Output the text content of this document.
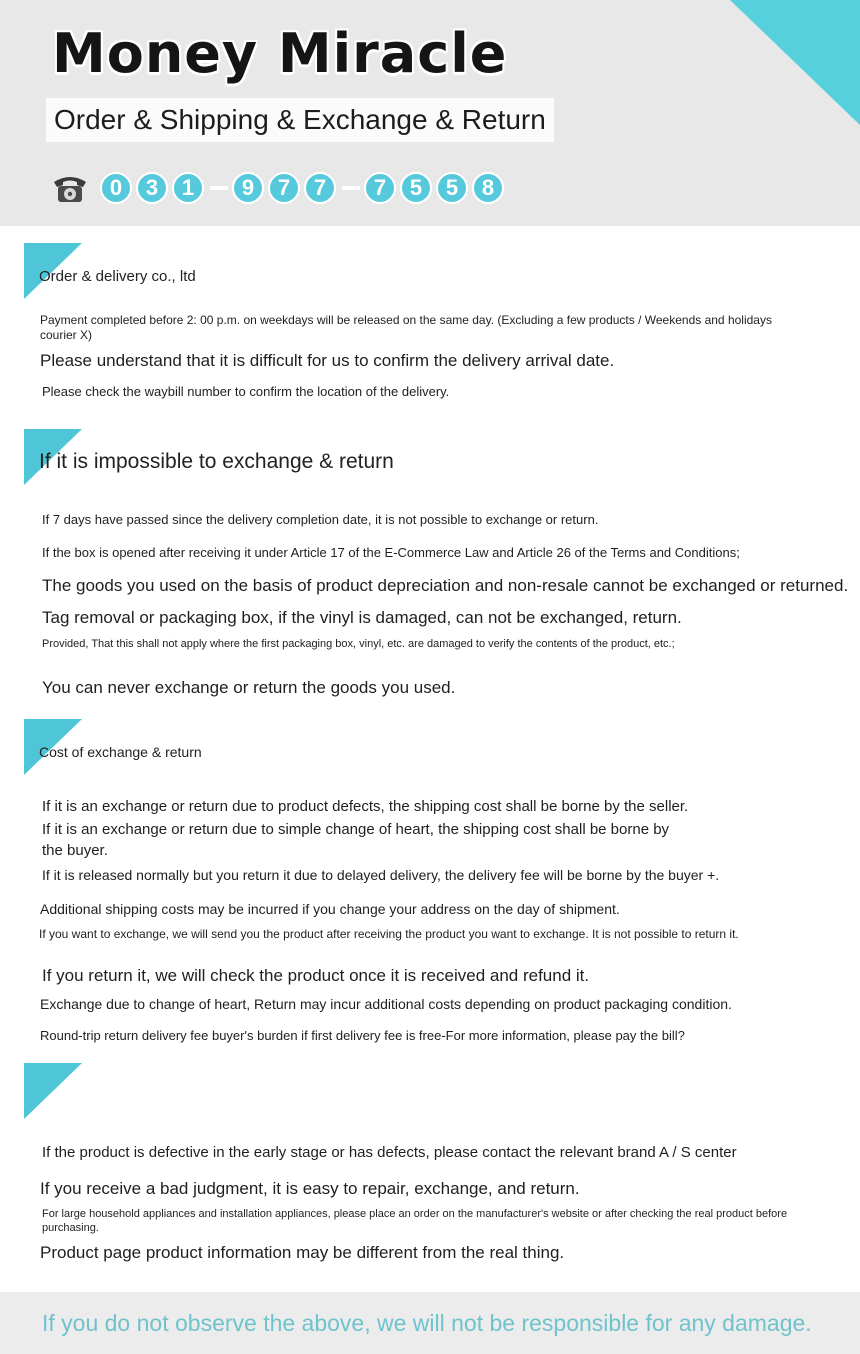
Money Miracle
Order & Shipping & Exchange & Return
0	3	1	9	7	7	7	5	5	8
Order & delivery co., ltd
Payment completed before 2: 00 p.m. on weekdays will be released on the same day. (Excluding a few products / Weekends and holidays courier X)
Please understand that it is difficult for us to confirm the delivery arrival date.
Please check the waybill number to confirm the location of the delivery.
If it is impossible to exchange & return
If 7 days have passed since the delivery completion date, it is not possible to exchange or return.
If the box is opened after receiving it under Article 17 of the E-Commerce Law and Article 26 of the Terms and Conditions;
The goods you used on the basis of product depreciation and non-resale cannot be exchanged or returned.
Tag removal or packaging box, if the vinyl is damaged, can not be exchanged, return.
Provided, That this shall not apply where the first packaging box, vinyl, etc. are damaged to verify the contents of the product, etc.;
You can never exchange or return the goods you used.
Cost of exchange & return
If it is an exchange or return due to product defects, the shipping cost shall be borne by the seller.
If it is an exchange or return due to simple change of heart, the shipping cost shall be borne by the buyer.
If it is released normally but you return it due to delayed delivery, the delivery fee will be borne by the buyer +.
Additional shipping costs may be incurred if you change your address on the day of shipment.
If you want to exchange, we will send you the product after receiving the product you want to exchange. It is not possible to return it.
If you return it, we will check the product once it is received and refund it.
Exchange due to change of heart, Return may incur additional costs depending on product packaging condition.
Round-trip return delivery fee buyer's burden if first delivery fee is free-For more information, please pay the bill?
If the product is defective in the early stage or has defects, please contact the relevant brand A / S center
If you receive a bad judgment, it is easy to repair, exchange, and return.
For large household appliances and installation appliances, please place an order on the manufacturer's website or after checking the real product before purchasing.
Product page product information may be different from the real thing.
If you do not observe the above, we will not be responsible for any damage.
